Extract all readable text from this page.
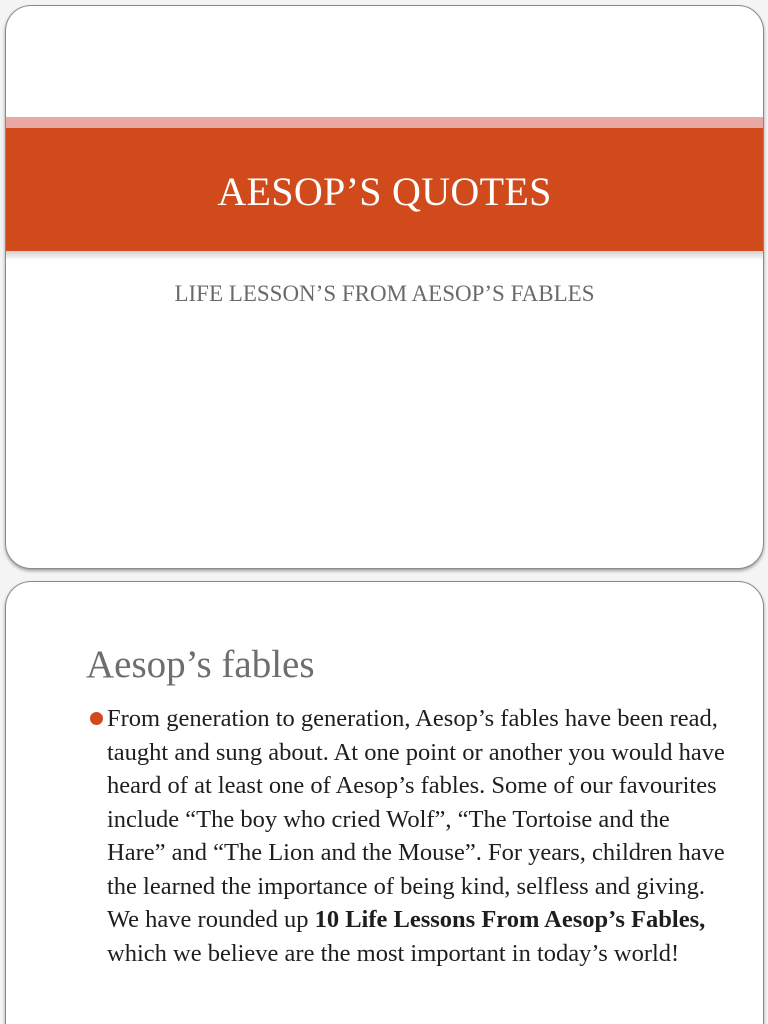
AESOP’S QUOTES
LIFE LESSON’S FROM AESOP’S FABLES
Aesop’s fables
From generation to generation, Aesop’s fables have been read, taught and sung about. At one point or another you would have heard of at least one of Aesop’s fables. Some of our favourites include “The boy who cried Wolf”, “The Tortoise and the Hare” and “The Lion and the Mouse”. For years, children have the learned the importance of being kind, selfless and giving. We have rounded up 10 Life Lessons From Aesop’s Fables, which we believe are the most important in today’s world!
